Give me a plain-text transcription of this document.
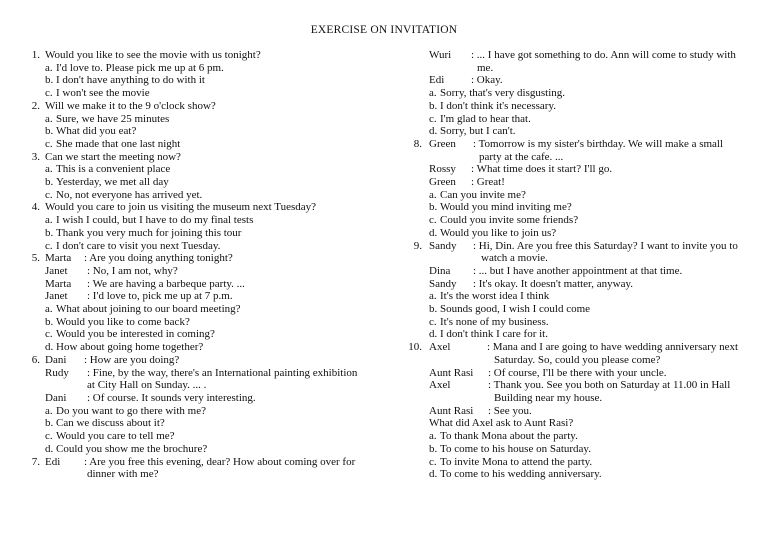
EXERCISE ON INVITATION
1. Would you like to see the movie with us tonight?
a. I'd love to. Please pick me up at 6 pm.
b. I don't have anything to do with it
c. I won't see the movie
2. Will we make it to the 9 o'clock show?
a. Sure, we have 25 minutes
b. What did you eat?
c. She made that one last night
3. Can we start the meeting now?
a. This is a convenient place
b. Yesterday, we met all day
c. No, not everyone has arrived yet.
4. Would you care to join us visiting the museum next Tuesday?
a. I wish I could, but I have to do my final tests
b. Thank you very much for joining this tour
c. I don't care to visit you next Tuesday.
5. Marta : Are you doing anything tonight?
Janet : No, I am not, why?
Marta : We are having a barbeque party. ...
Janet : I'd love to, pick me up at 7 p.m.
a. What about joining to our board meeting?
b. Would you like to come back?
c. Would you be interested in coming?
d. How about going home together?
6. Dani : How are you doing?
Rudy : Fine, by the way, there's an International painting exhibition
at City Hall on Sunday. ... .
Dani : Of course. It sounds very interesting.
a. Do you want to go there with me?
b. Can we discuss about it?
c. Would you care to tell me?
d. Could you show me the brochure?
7. Edi : Are you free this evening, dear? How about coming over for
dinner with me?
Wuri : ... I have got something to do. Ann will come to study with
me.
Edi : Okay.
a. Sorry, that's very disgusting.
b. I don't think it's necessary.
c. I'm glad to hear that.
d. Sorry, but I can't.
8. Green : Tomorrow is my sister's birthday. We will make a small
party at the cafe. ...
Rossy : What time does it start? I'll go.
Green : Great!
a. Can you invite me?
b. Would you mind inviting me?
c. Could you invite some friends?
d. Would you like to join us?
9. Sandy : Hi, Din. Are you free this Saturday? I want to invite you to
watch a movie.
Dina : ... but I have another appointment at that time.
Sandy : It's okay. It doesn't matter, anyway.
a. It's the worst idea I think
b. Sounds good, I wish I could come
c. It's none of my business.
d. I don't think I care for it.
10. Axel	: Mana and I are going to have wedding anniversary next
Saturday. So, could you please come?
Aunt Rasi : Of course, I'll be there with your uncle.
Axel	: Thank you. See you both on Saturday at 11.00 in Hall
Building near my house.
Aunt Rasi : See you.
What did Axel ask to Aunt Rasi?
a. To thank Mona about the party.
b. To come to his house on Saturday.
c. To invite Mona to attend the party.
d. To come to his wedding anniversary.
